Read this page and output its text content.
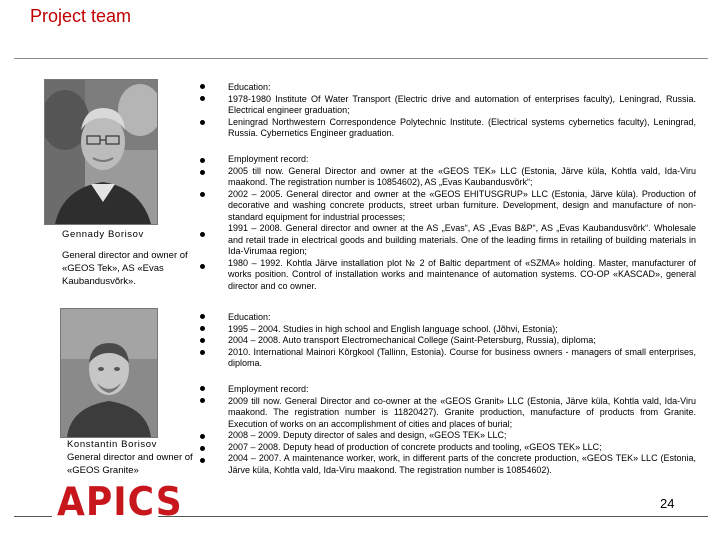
Project team
Gennady Borisov
General director and owner of «GEOS Tek», AS «Evas Kaubandusvõrk».

Education:

1978-1980 Institute Of Water Transport (Electric drive and automation of enterprises faculty), Leningrad, Russia. Electrical engineer graduation;

Leningrad Northwestern Correspondence Polytechnic Institute. (Electrical systems cybernetics faculty), Leningrad, Russia. Cybernetics Engineer graduation.

Employment record:

2005 till now. General Director and owner at the «GEOS TEK» LLC (Estonia, Järve küla, Kohtla vald, Ida-Viru maakond. The registration number is 10854602), AS „Evas Kaubandusvõrk“;

2002 – 2005. General director and owner at the «GEOS EHITUSGRUP» LLC (Estonia, Järve küla). Production of decorative and washing concrete products, street urban furniture. Development, design and manufacture of non-standard equipment for industrial processes;

1991 – 2008. General director and owner at the AS „Evas“, AS „Evas B&P“, AS „Evas Kaubandusvõrk“. Wholesale and retail trade in electrical goods and building materials. One of the leading firms in retailing of building materials in Ida-Virumaa region;

1980 – 1992. Kohtla Järve installation plot № 2 of Baltic department of «SZMA» holding. Master, manufacturer of works position. Control of installation works and maintenance of automation systems. CO-OP «KASCAD», general director and co owner.

Konstantin Borisov
General director and owner of «GEOS Granite»

Education:

1995 – 2004. Studies in high school and English language school. (Jõhvi, Estonia);

2004 – 2008. Auto transport Electromechanical College (Saint-Petersburg, Russia), diploma;

2010. International Mainori Kõrgkool (Tallinn, Estonia). Course for business owners - managers of small enterprises, diploma.

Employment record:

2009 till now. General Director and co-owner at the «GEOS Granit» LLC (Estonia, Järve küla, Kohtla vald, Ida-Viru maakond. The registration number is 11820427). Granite production, manufacture of products from Granite. Execution of works on an accomplishment of cities and places of burial;

2008 – 2009. Deputy director of sales and design, «GEOS TEK» LLC;

2007 – 2008. Deputy head of production of concrete products and tooling, «GEOS TEK» LLC;

2004 – 2007. A maintenance worker, work, in different parts of the concrete production, «GEOS TEK» LLC (Estonia, Järve küla, Kohtla vald, Ida-Viru maakond. The registration number is 10854602).

APICS	24
